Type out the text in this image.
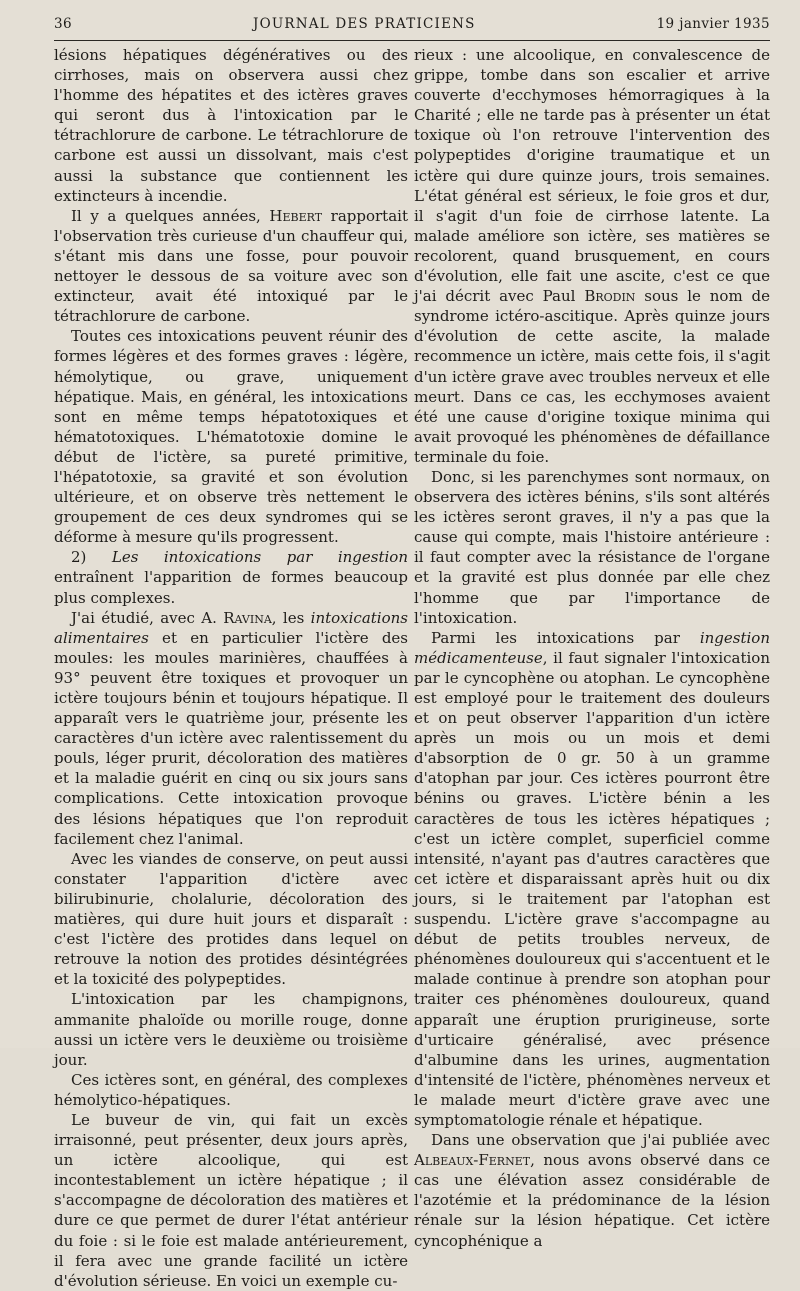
36	JOURNAL DES PRATICIENS	19 janvier 1935

lésions hépatiques dégénératives ou des cirrhoses, mais on observera aussi chez l'homme des hépatites et des ictères graves qui seront dus à l'intoxication par le tétrachlorure de carbone. Le tétrachlorure de carbone est aussi un dissolvant, mais c'est aussi la substance que contiennent les extincteurs à incendie.

Il y a quelques années, Hebert rapportait l'observation très curieuse d'un chauffeur qui, s'étant mis dans une fosse, pour pouvoir nettoyer le dessous de sa voiture avec son extincteur, avait été intoxiqué par le tétrachlorure de carbone.

Toutes ces intoxications peuvent réunir des formes légères et des formes graves : légère, hémolytique, ou grave, uniquement hépatique. Mais, en général, les intoxications sont en même temps hépatotoxiques et hématotoxiques. L'hématotoxie domine le début de l'ictère, sa pureté primitive, l'hépatotoxie, sa gravité et son évolution ultérieure, et on observe très nettement le groupement de ces deux syndromes qui se déforme à mesure qu'ils progressent.

2) Les intoxications par ingestion entraînent l'apparition de formes beaucoup plus complexes.

J'ai étudié, avec A. Ravina, les intoxications alimentaires et en particulier l'ictère des moules: les moules marinières, chauffées à 93° peuvent être toxiques et provoquer un ictère toujours bénin et toujours hépatique. Il apparaît vers le quatrième jour, présente les caractères d'un ictère avec ralentissement du pouls, léger prurit, décoloration des matières et la maladie guérit en cinq ou six jours sans complications. Cette intoxication provoque des lésions hépatiques que l'on reproduit facilement chez l'animal.

Avec les viandes de conserve, on peut aussi constater l'apparition d'ictère avec bilirubinurie, cholalurie, décoloration des matières, qui dure huit jours et disparaît : c'est l'ictère des protides dans lequel on retrouve la notion des protides désintégrées et la toxicité des polypeptides.

L'intoxication par les champignons, ammanite phaloïde ou morille rouge, donne aussi un ictère vers le deuxième ou troisième jour.

Ces ictères sont, en général, des complexes hémolytico-hépatiques.

Le buveur de vin, qui fait un excès irraisonné, peut présenter, deux jours après, un ictère alcoolique, qui est incontestablement un ictère hépatique ; il s'accompagne de décoloration des matières et dure ce que permet de durer l'état antérieur du foie : si le foie est malade antérieurement, il fera avec une grande facilité un ictère d'évolution sérieuse. En voici un exemple cu-

rieux : une alcoolique, en convalescence de grippe, tombe dans son escalier et arrive couverte d'ecchymoses hémorragiques à la Charité ; elle ne tarde pas à présenter un état toxique où l'on retrouve l'intervention des polypeptides d'origine traumatique et un ictère qui dure quinze jours, trois semaines. L'état général est sérieux, le foie gros et dur, il s'agit d'un foie de cirrhose latente. La malade améliore son ictère, ses matières se recolorent, quand brusquement, en cours d'évolution, elle fait une ascite, c'est ce que j'ai décrit avec Paul Brodin sous le nom de syndrome ictéro-ascitique. Après quinze jours d'évolution de cette ascite, la malade recommence un ictère, mais cette fois, il s'agit d'un ictère grave avec troubles nerveux et elle meurt. Dans ce cas, les ecchymoses avaient été une cause d'origine toxique minima qui avait provoqué les phénomènes de défaillance terminale du foie.

Donc, si les parenchymes sont normaux, on observera des ictères bénins, s'ils sont altérés les ictères seront graves, il n'y a pas que la cause qui compte, mais l'histoire antérieure : il faut compter avec la résistance de l'organe et la gravité est plus donnée par elle chez l'homme que par l'importance de l'intoxication.

Parmi les intoxications par ingestion médicamenteuse, il faut signaler l'intoxication par le cyncophène ou atophan. Le cyncophène est employé pour le traitement des douleurs et on peut observer l'apparition d'un ictère après un mois ou un mois et demi d'absorption de 0 gr. 50 à un gramme d'atophan par jour. Ces ictères pourront être bénins ou graves. L'ictère bénin a les caractères de tous les ictères hépatiques ; c'est un ictère complet, superficiel comme intensité, n'ayant pas d'autres caractères que cet ictère et disparaissant après huit ou dix jours, si le traitement par l'atophan est suspendu. L'ictère grave s'accompagne au début de petits troubles nerveux, de phénomènes douloureux qui s'accentuent et le malade continue à prendre son atophan pour traiter ces phénomènes douloureux, quand apparaît une éruption prurigineuse, sorte d'urticaire généralisé, avec présence d'albumine dans les urines, augmentation d'intensité de l'ictère, phénomènes nerveux et le malade meurt d'ictère grave avec une symptomatologie rénale et hépatique.

Dans une observation que j'ai publiée avec Albeaux-Fernet, nous avons observé dans ce cas une élévation assez considérable de l'azotémie et la prédominance de la lésion rénale sur la lésion hépatique. Cet ictère cyncophénique a
